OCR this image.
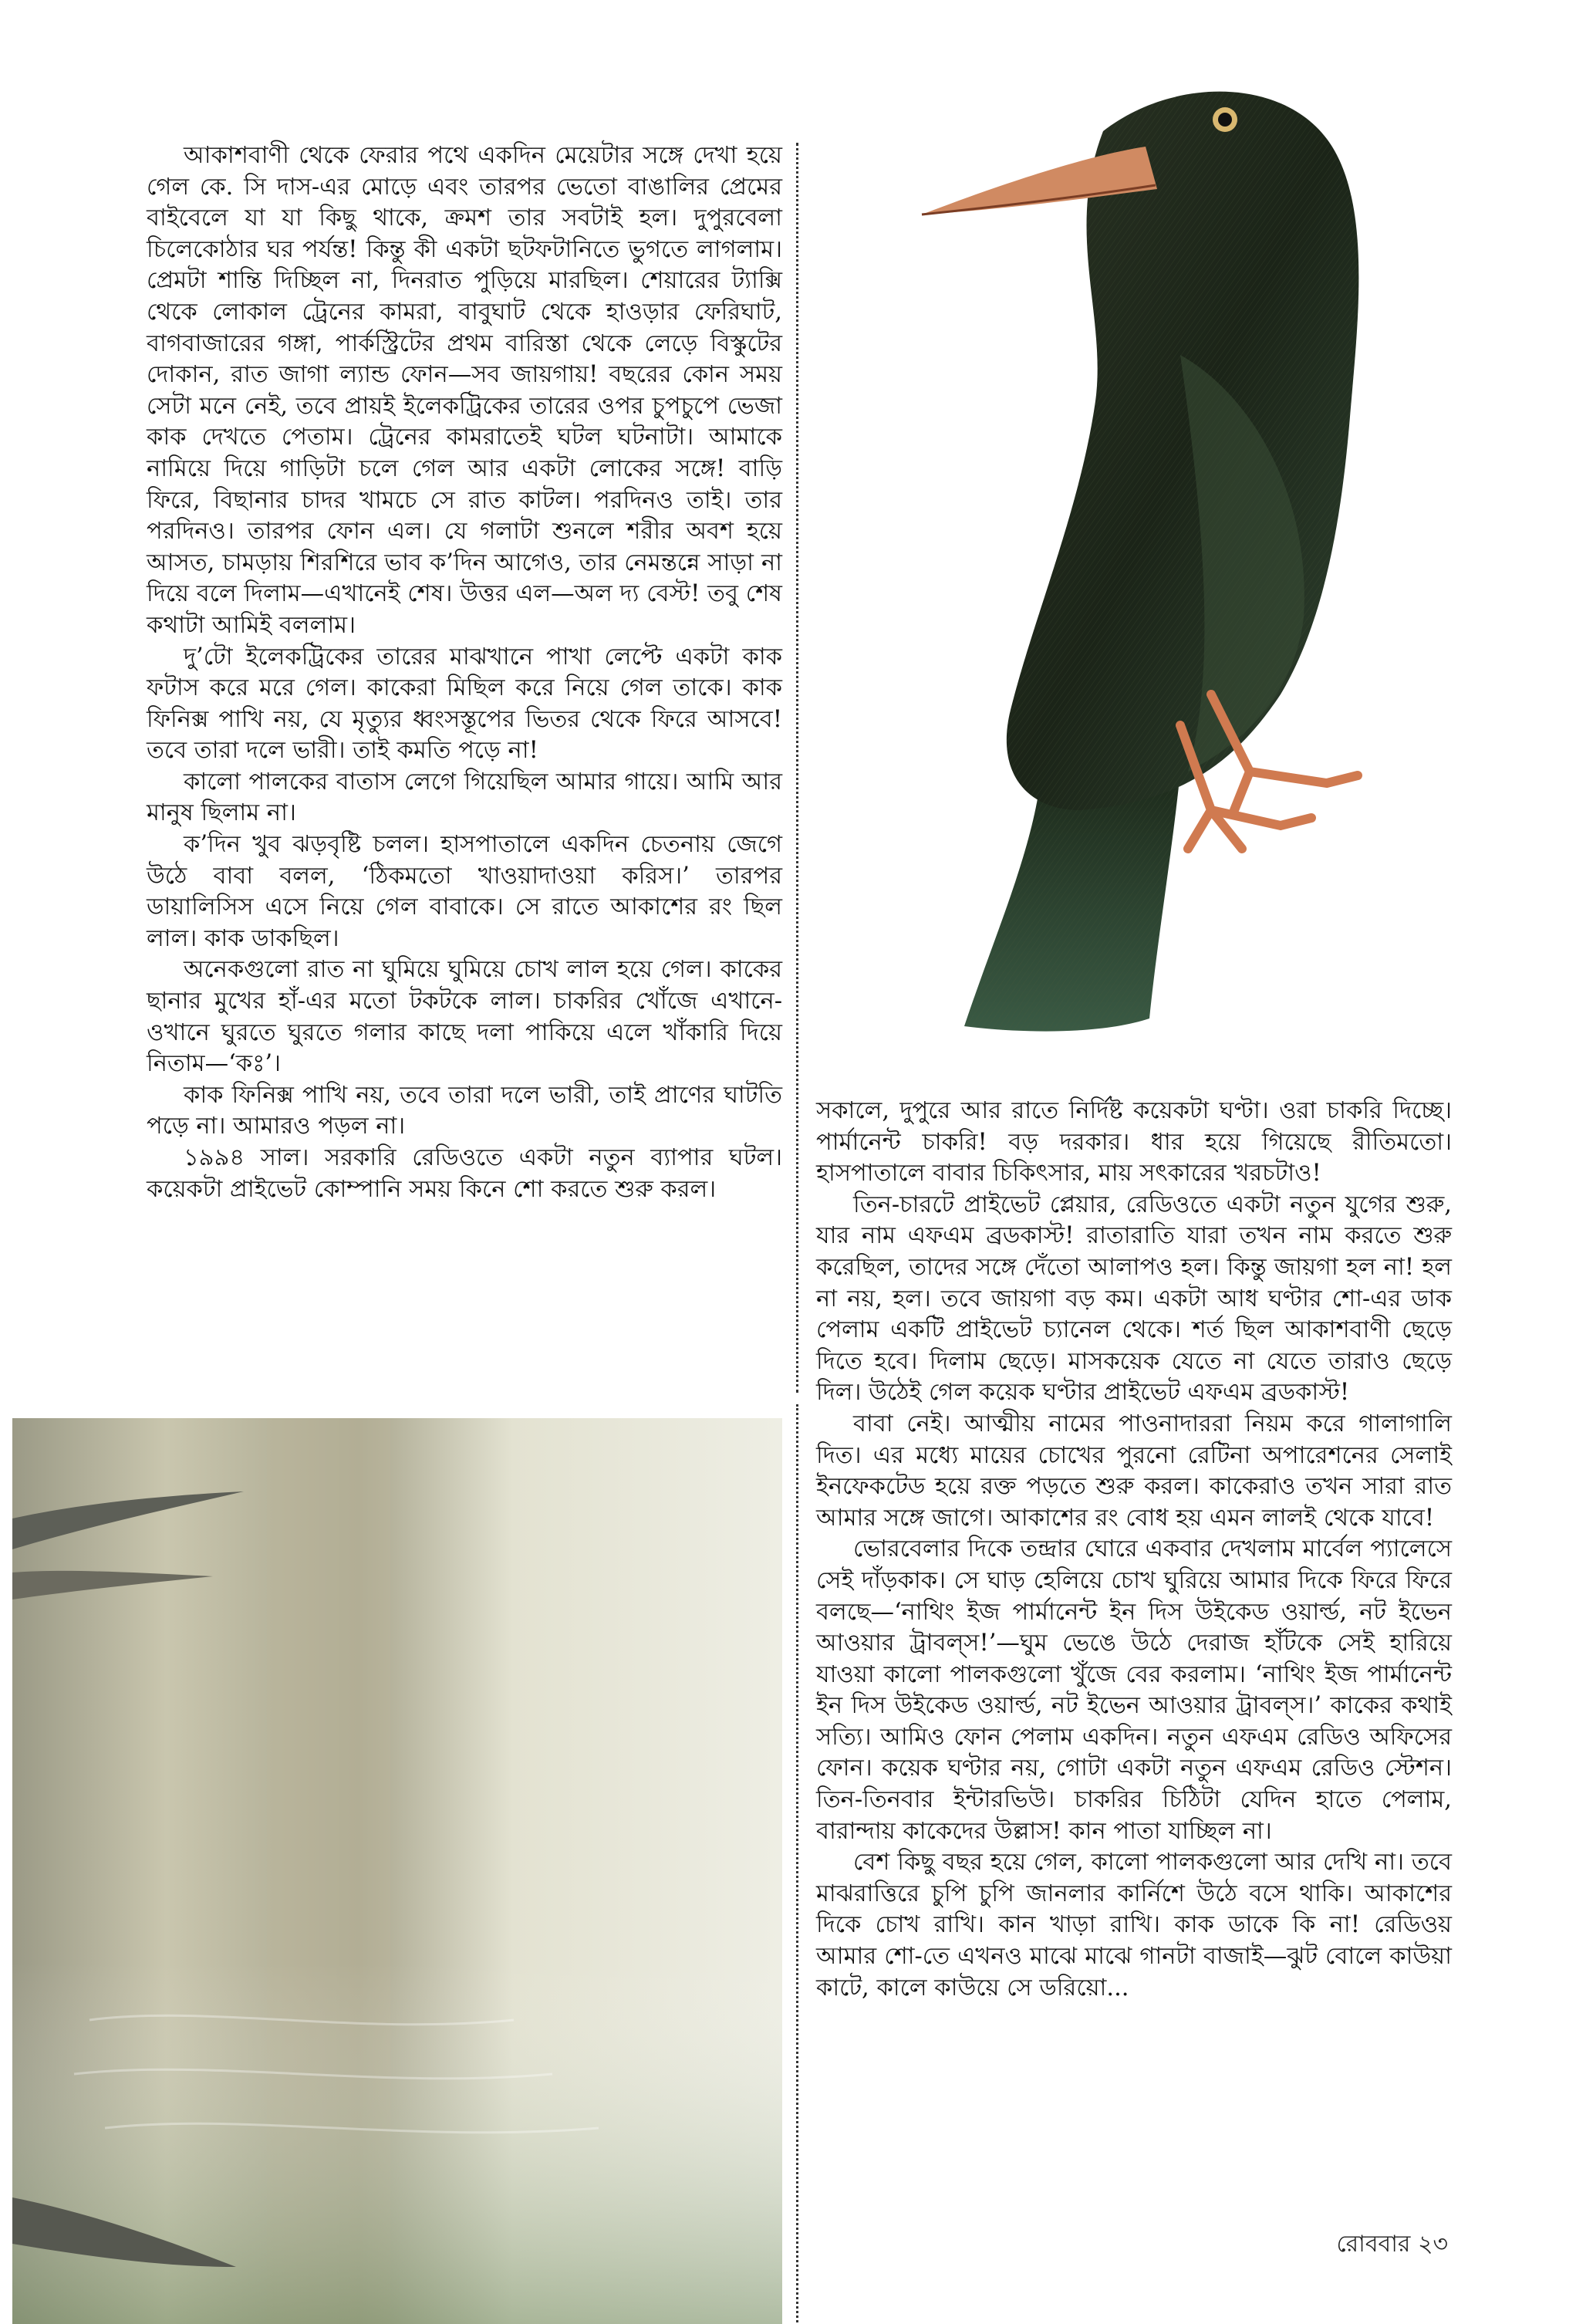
আকাশবাণী থেকে ফেরার পথে একদিন মেয়েটার সঙ্গে দেখা হয়ে গেল কে. সি দাস-এর মোড়ে এবং তারপর ভেতো বাঙালির প্রেমের বাইবেলে যা যা কিছু থাকে, ক্রমশ তার সবটাই হল। দুপুরবেলা চিলেকোঠার ঘর পর্যন্ত! কিন্তু কী একটা ছটফটানিতে ভুগতে লাগলাম। প্রেমটা শান্তি দিচ্ছিল না, দিনরাত পুড়িয়ে মারছিল। শেয়ারের ট্যাক্সি থেকে লোকাল ট্রেনের কামরা, বাবুঘাট থেকে হাওড়ার ফেরিঘাট, বাগবাজারের গঙ্গা, পার্কস্ট্রিটের প্রথম বারিস্তা থেকে লেড়ে বিস্কুটের দোকান, রাত জাগা ল্যান্ড ফোন—সব জায়গায়! বছরের কোন সময় সেটা মনে নেই, তবে প্রায়ই ইলেকট্রিকের তারের ওপর চুপচুপে ভেজা কাক দেখতে পেতাম। ট্রেনের কামরাতেই ঘটল ঘটনাটা। আমাকে নামিয়ে দিয়ে গাড়িটা চলে গেল আর একটা লোকের সঙ্গে! বাড়ি ফিরে, বিছানার চাদর খামচে সে রাত কাটল। পরদিনও তাই। তার পরদিনও। তারপর ফোন এল। যে গলাটা শুনলে শরীর অবশ হয়ে আসত, চামড়ায় শিরশিরে ভাব ক’দিন আগেও, তার নেমন্তন্নে সাড়া না দিয়ে বলে দিলাম—এখানেই শেষ। উত্তর এল—অল দ্য বেস্ট! তবু শেষ কথাটা আমিই বললাম।

দু’টো ইলেকট্রিকের তারের মাঝখানে পাখা লেপ্টে একটা কাক ফটাস করে মরে গেল। কাকেরা মিছিল করে নিয়ে গেল তাকে। কাক ফিনিক্স পাখি নয়, যে মৃত্যুর ধ্বংসস্তূপের ভিতর থেকে ফিরে আসবে! তবে তারা দলে ভারী। তাই কমতি পড়ে না!

কালো পালকের বাতাস লেগে গিয়েছিল আমার গায়ে। আমি আর মানুষ ছিলাম না।

ক’দিন খুব ঝড়বৃষ্টি চলল। হাসপাতালে একদিন চেতনায় জেগে উঠে বাবা বলল, ‘ঠিকমতো খাওয়াদাওয়া করিস।’ তারপর ডায়ালিসিস এসে নিয়ে গেল বাবাকে। সে রাতে আকাশের রং ছিল লাল। কাক ডাকছিল।

অনেকগুলো রাত না ঘুমিয়ে ঘুমিয়ে চোখ লাল হয়ে গেল। কাকের ছানার মুখের হাঁ-এর মতো টকটকে লাল। চাকরির খোঁজে এখানে-ওখানে ঘুরতে ঘুরতে গলার কাছে দলা পাকিয়ে এলে খাঁকারি দিয়ে নিতাম—‘কঃ’।

কাক ফিনিক্স পাখি নয়, তবে তারা দলে ভারী, তাই প্রাণের ঘাটতি পড়ে না। আমারও পড়ল না।

১৯৯৪ সাল। সরকারি রেডিওতে একটা নতুন ব্যাপার ঘটল। কয়েকটা প্রাইভেট কোম্পানি সময় কিনে শো করতে শুরু করল।

সকালে, দুপুরে আর রাতে নির্দিষ্ট কয়েকটা ঘণ্টা। ওরা চাকরি দিচ্ছে। পার্মানেন্ট চাকরি! বড় দরকার। ধার হয়ে গিয়েছে রীতিমতো। হাসপাতালে বাবার চিকিৎসার, মায় সৎকারের খরচটাও!

তিন-চারটে প্রাইভেট প্লেয়ার, রেডিওতে একটা নতুন যুগের শুরু, যার নাম এফএম ব্রডকাস্ট! রাতারাতি যারা তখন নাম করতে শুরু করেছিল, তাদের সঙ্গে দেঁতো আলাপও হল। কিন্তু জায়গা হল না! হল না নয়, হল। তবে জায়গা বড় কম। একটা আধ ঘণ্টার শো-এর ডাক পেলাম একটি প্রাইভেট চ্যানেল থেকে। শর্ত ছিল আকাশবাণী ছেড়ে দিতে হবে। দিলাম ছেড়ে। মাসকয়েক যেতে না যেতে তারাও ছেড়ে দিল। উঠেই গেল কয়েক ঘণ্টার প্রাইভেট এফএম ব্রডকাস্ট!

বাবা নেই। আত্মীয় নামের পাওনাদাররা নিয়ম করে গালাগালি দিত। এর মধ্যে মায়ের চোখের পুরনো রেটিনা অপারেশনের সেলাই ইনফেকটেড হয়ে রক্ত পড়তে শুরু করল। কাকেরাও তখন সারা রাত আমার সঙ্গে জাগে। আকাশের রং বোধ হয় এমন লালই থেকে যাবে!

ভোরবেলার দিকে তন্দ্রার ঘোরে একবার দেখলাম মার্বেল প্যালেসে সেই দাঁড়কাক। সে ঘাড় হেলিয়ে চোখ ঘুরিয়ে আমার দিকে ফিরে ফিরে বলছে—‘নাথিং ইজ পার্মানেন্ট ইন দিস উইকেড ওয়ার্ল্ড, নট ইভেন আওয়ার ট্রাবল্‌স!’—ঘুম ভেঙে উঠে দেরাজ হাঁটকে সেই হারিয়ে যাওয়া কালো পালকগুলো খুঁজে বের করলাম। ‘নাথিং ইজ পার্মানেন্ট ইন দিস উইকেড ওয়ার্ল্ড, নট ইভেন আওয়ার ট্রাবল্‌স।’ কাকের কথাই সত্যি। আমিও ফোন পেলাম একদিন। নতুন এফএম রেডিও অফিসের ফোন। কয়েক ঘণ্টার নয়, গোটা একটা নতুন এফএম রেডিও স্টেশন। তিন-তিনবার ইন্টারভিউ। চাকরির চিঠিটা যেদিন হাতে পেলাম, বারান্দায় কাকেদের উল্লাস! কান পাতা যাচ্ছিল না।

বেশ কিছু বছর হয়ে গেল, কালো পালকগুলো আর দেখি না। তবে মাঝরাত্তিরে চুপি চুপি জানলার কার্নিশে উঠে বসে থাকি। আকাশের দিকে চোখ রাখি। কান খাড়া রাখি। কাক ডাকে কি না! রেডিওয় আমার শো-তে এখনও মাঝে মাঝে গানটা বাজাই—ঝুট বোলে কাউয়া কাটে, কালে কাউয়ে সে ডরিয়ো...

রোববার ২৩
